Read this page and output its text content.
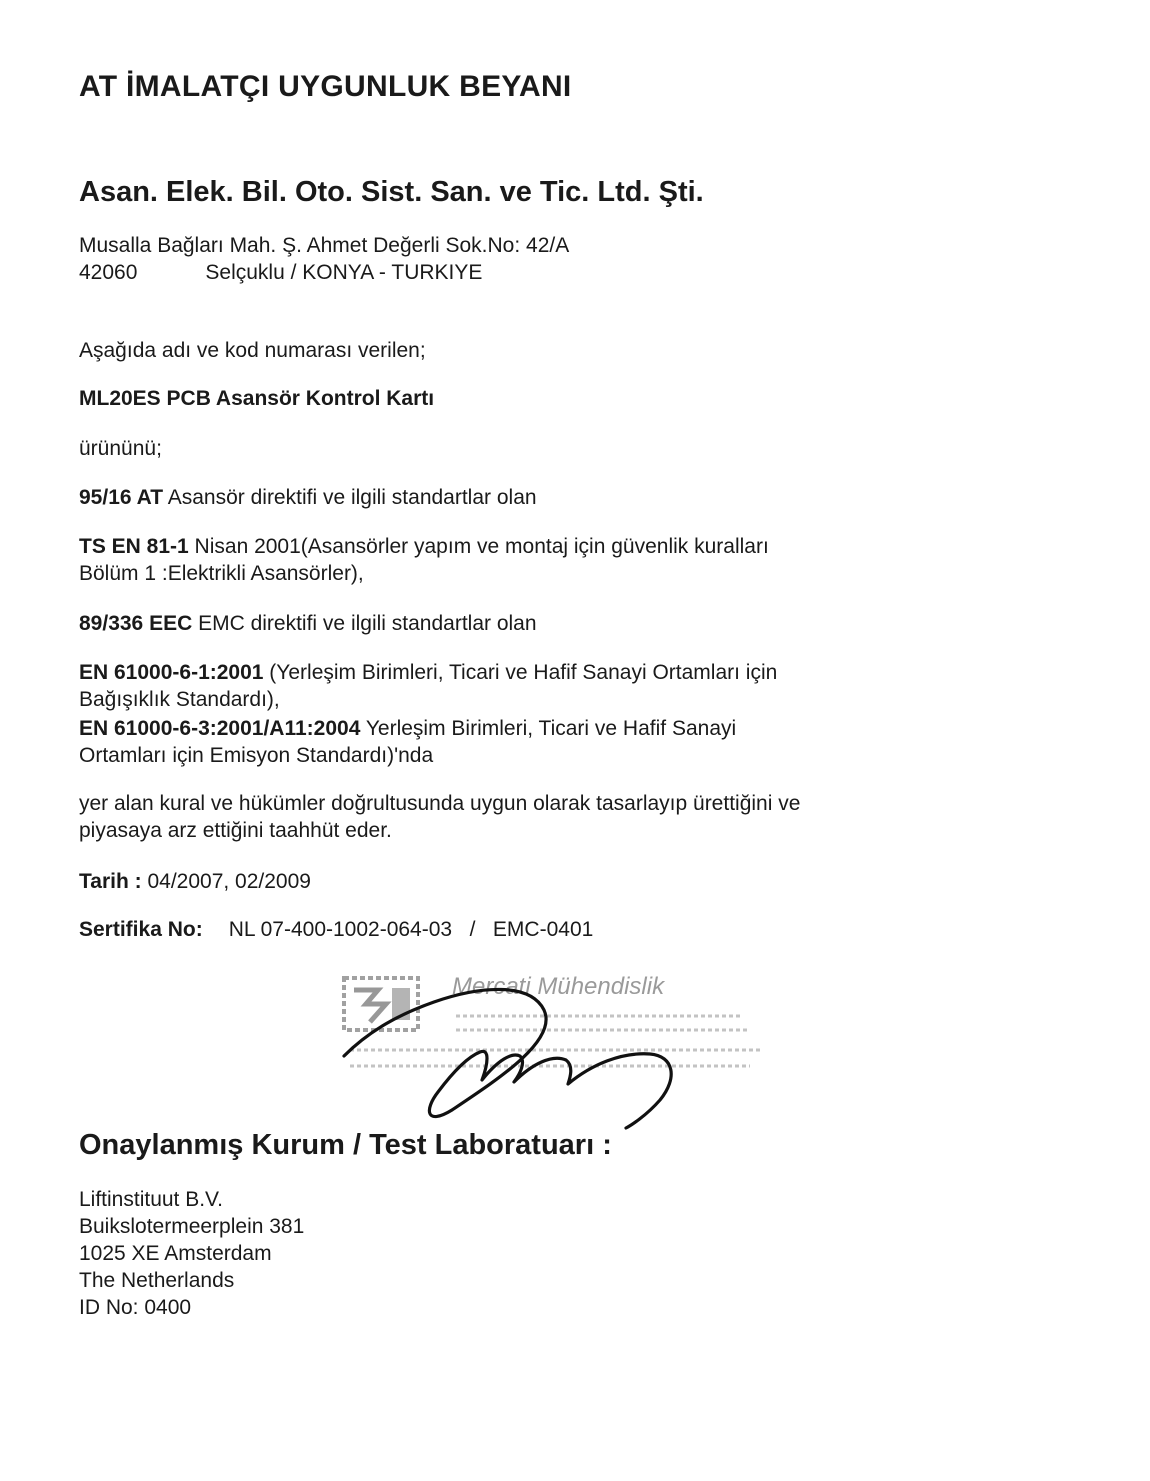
AT İMALATÇI UYGUNLUK BEYANI
Asan. Elek. Bil. Oto. Sist. San. ve Tic. Ltd. Şti.
Musalla Bağları Mah. Ş. Ahmet Değerli Sok.No: 42/A
42060	Selçuklu / KONYA - TURKIYE
Aşağıda adı ve kod numarası verilen;
ML20ES PCB Asansör Kontrol Kartı
ürününü;
95/16 AT Asansör direktifi ve ilgili standartlar olan
TS EN 81-1 Nisan 2001(Asansörler yapım ve montaj için güvenlik kuralları
Bölüm 1 :Elektrikli Asansörler),
89/336 EEC EMC direktifi ve ilgili standartlar olan
EN 61000-6-1:2001 (Yerleşim Birimleri, Ticari ve Hafif Sanayi Ortamları için
Bağışıklık Standardı),
EN 61000-6-3:2001/A11:2004 Yerleşim Birimleri, Ticari ve Hafif Sanayi
Ortamları için Emisyon Standardı)'nda
yer alan kural ve hükümler doğrultusunda uygun olarak tasarlayıp ürettiğini ve
piyasaya arz ettiğini taahhüt eder.
Tarih : 04/2007, 02/2009
Sertifika No: NL 07-400-1002-064-03   /   EMC-0401
Mercati Mühendislik
Onaylanmış Kurum / Test Laboratuarı :
Liftinstituut B.V.
Buikslotermeerplein 381
1025 XE Amsterdam
The Netherlands
ID No: 0400
